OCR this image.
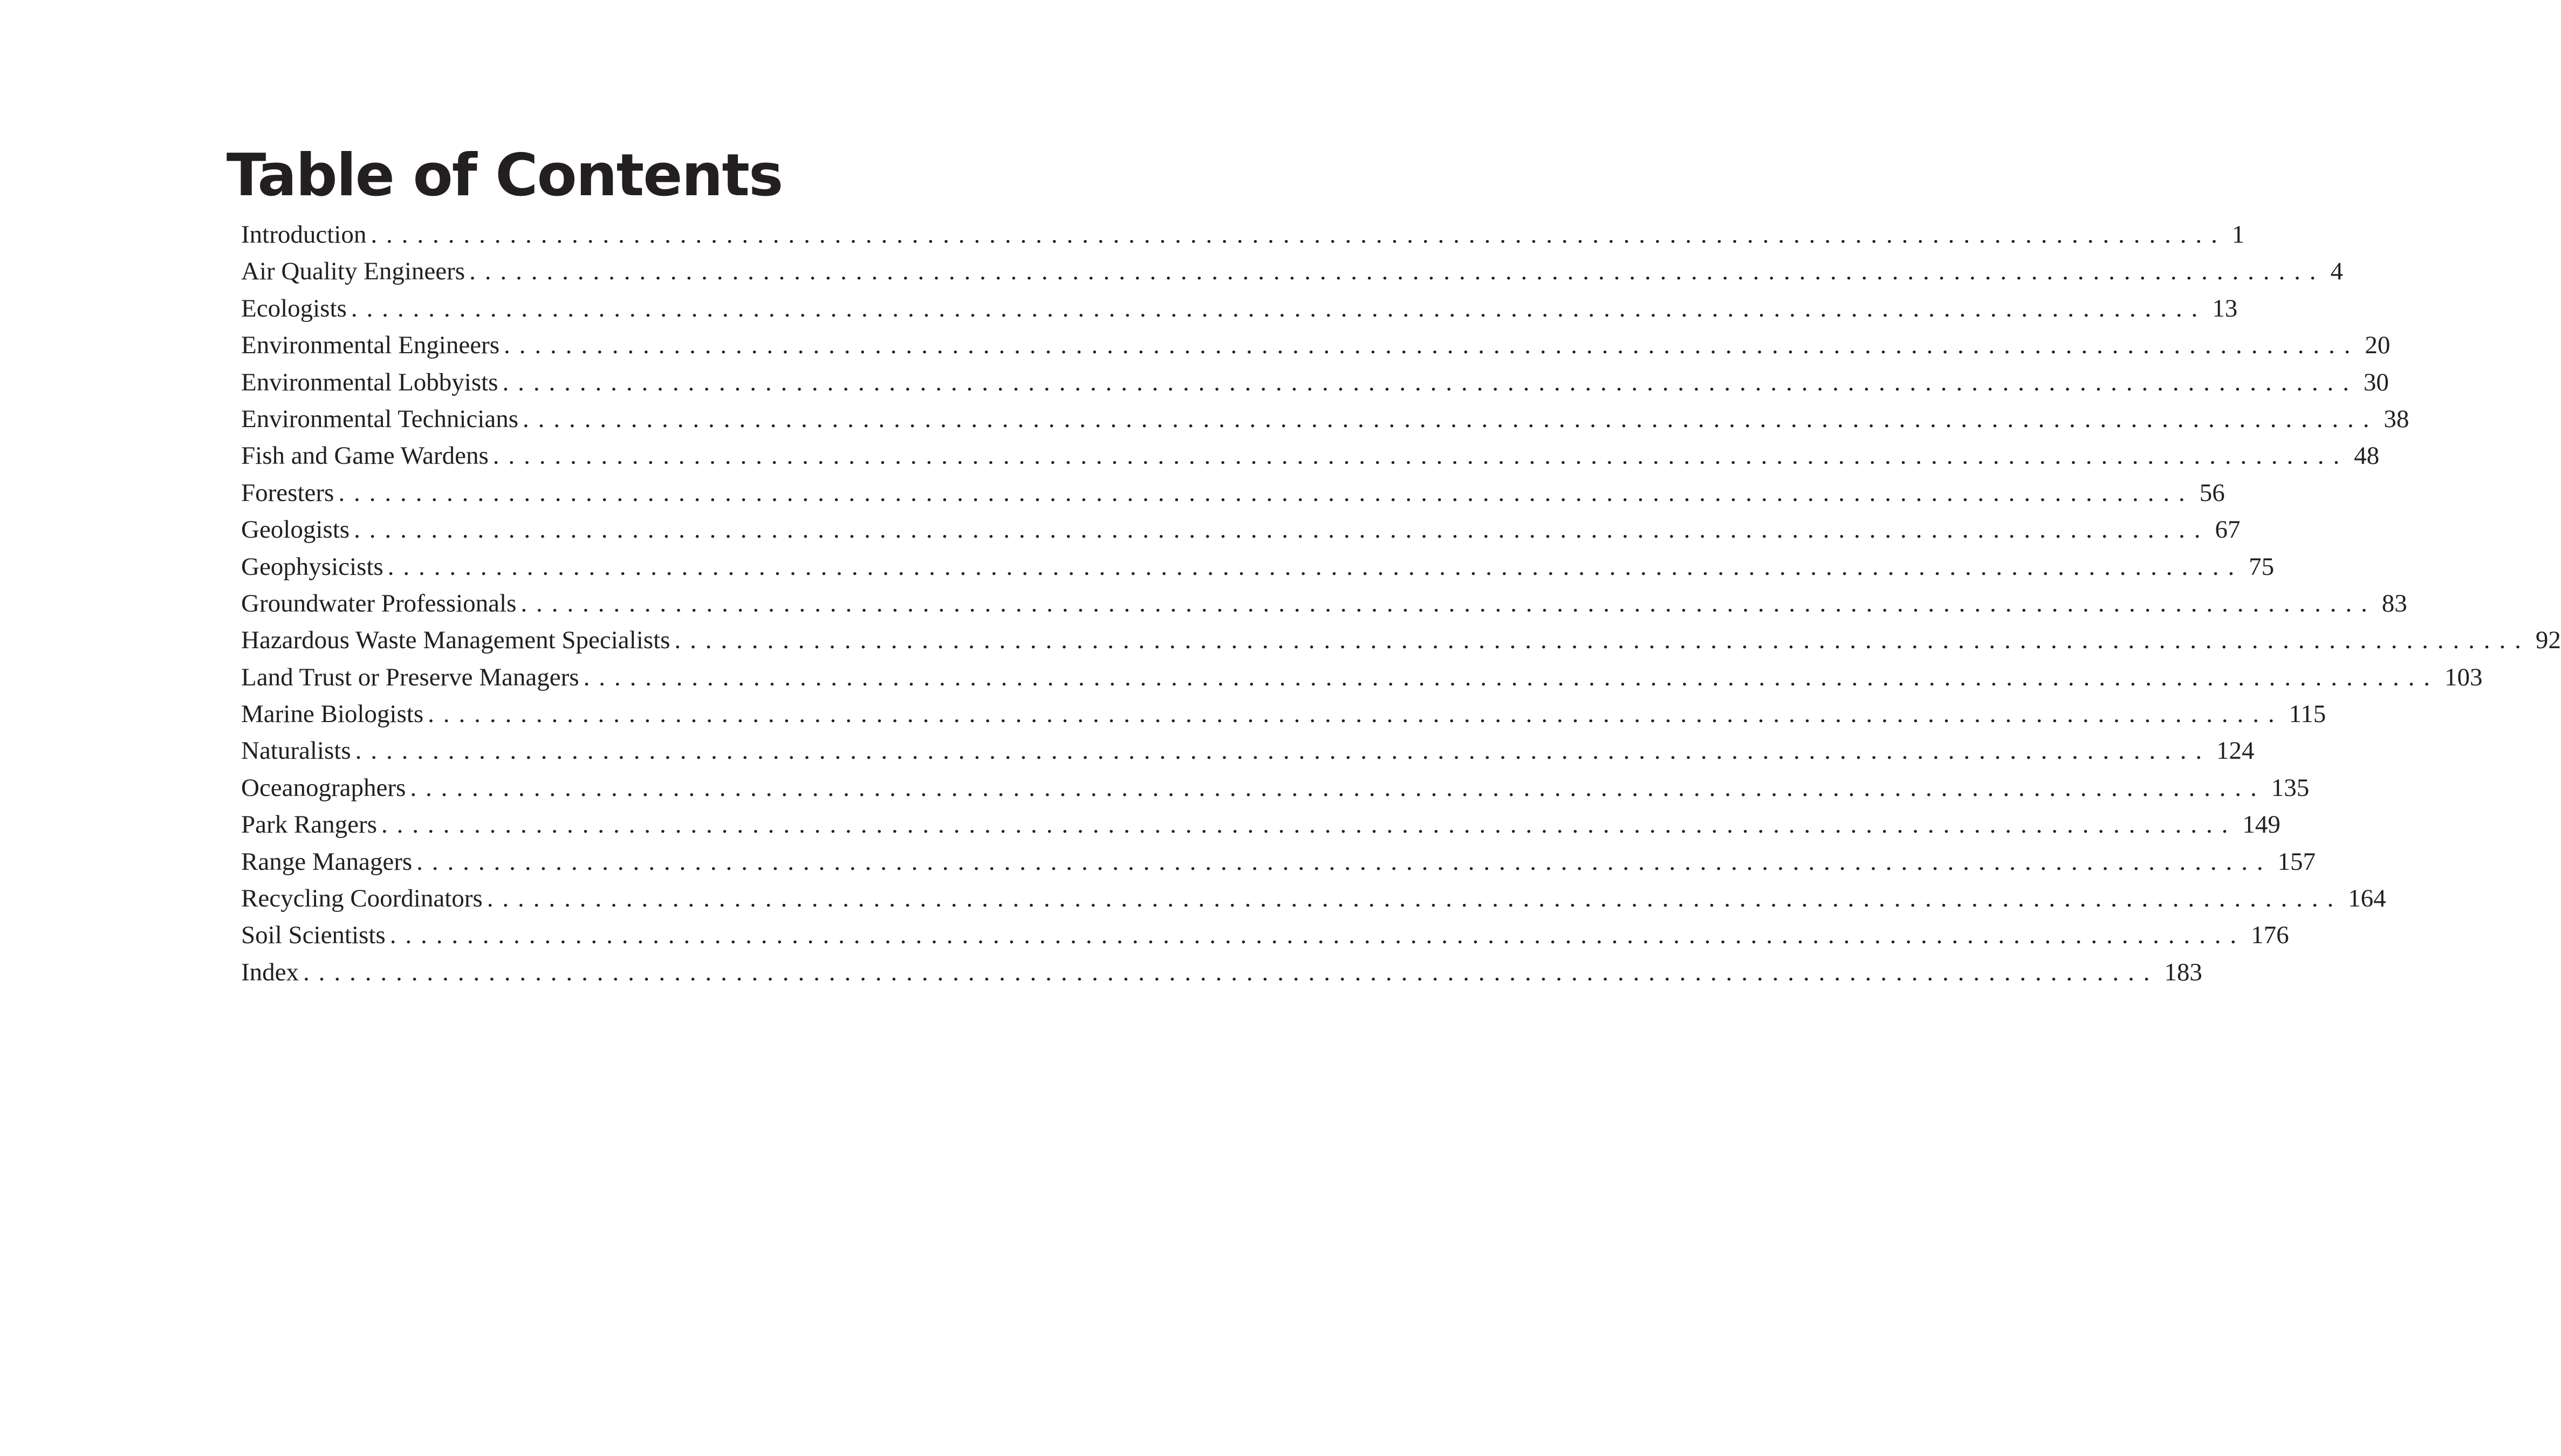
Table of Contents
Introduction ........................................................................................................................ 1
Air Quality Engineers ........................................................................................................................ 4
Ecologists ........................................................................................................................ 13
Environmental Engineers ........................................................................................................................ 20
Environmental Lobbyists ........................................................................................................................ 30
Environmental Technicians ........................................................................................................................ 38
Fish and Game Wardens ........................................................................................................................ 48
Foresters ........................................................................................................................ 56
Geologists ........................................................................................................................ 67
Geophysicists ........................................................................................................................ 75
Groundwater Professionals ........................................................................................................................ 83
Hazardous Waste Management Specialists ........................................................................................................................ 92
Land Trust or Preserve Managers ........................................................................................................................ 103
Marine Biologists ........................................................................................................................ 115
Naturalists ........................................................................................................................ 124
Oceanographers ........................................................................................................................ 135
Park Rangers ........................................................................................................................ 149
Range Managers ........................................................................................................................ 157
Recycling Coordinators ........................................................................................................................ 164
Soil Scientists ........................................................................................................................ 176
Index ........................................................................................................................ 183
